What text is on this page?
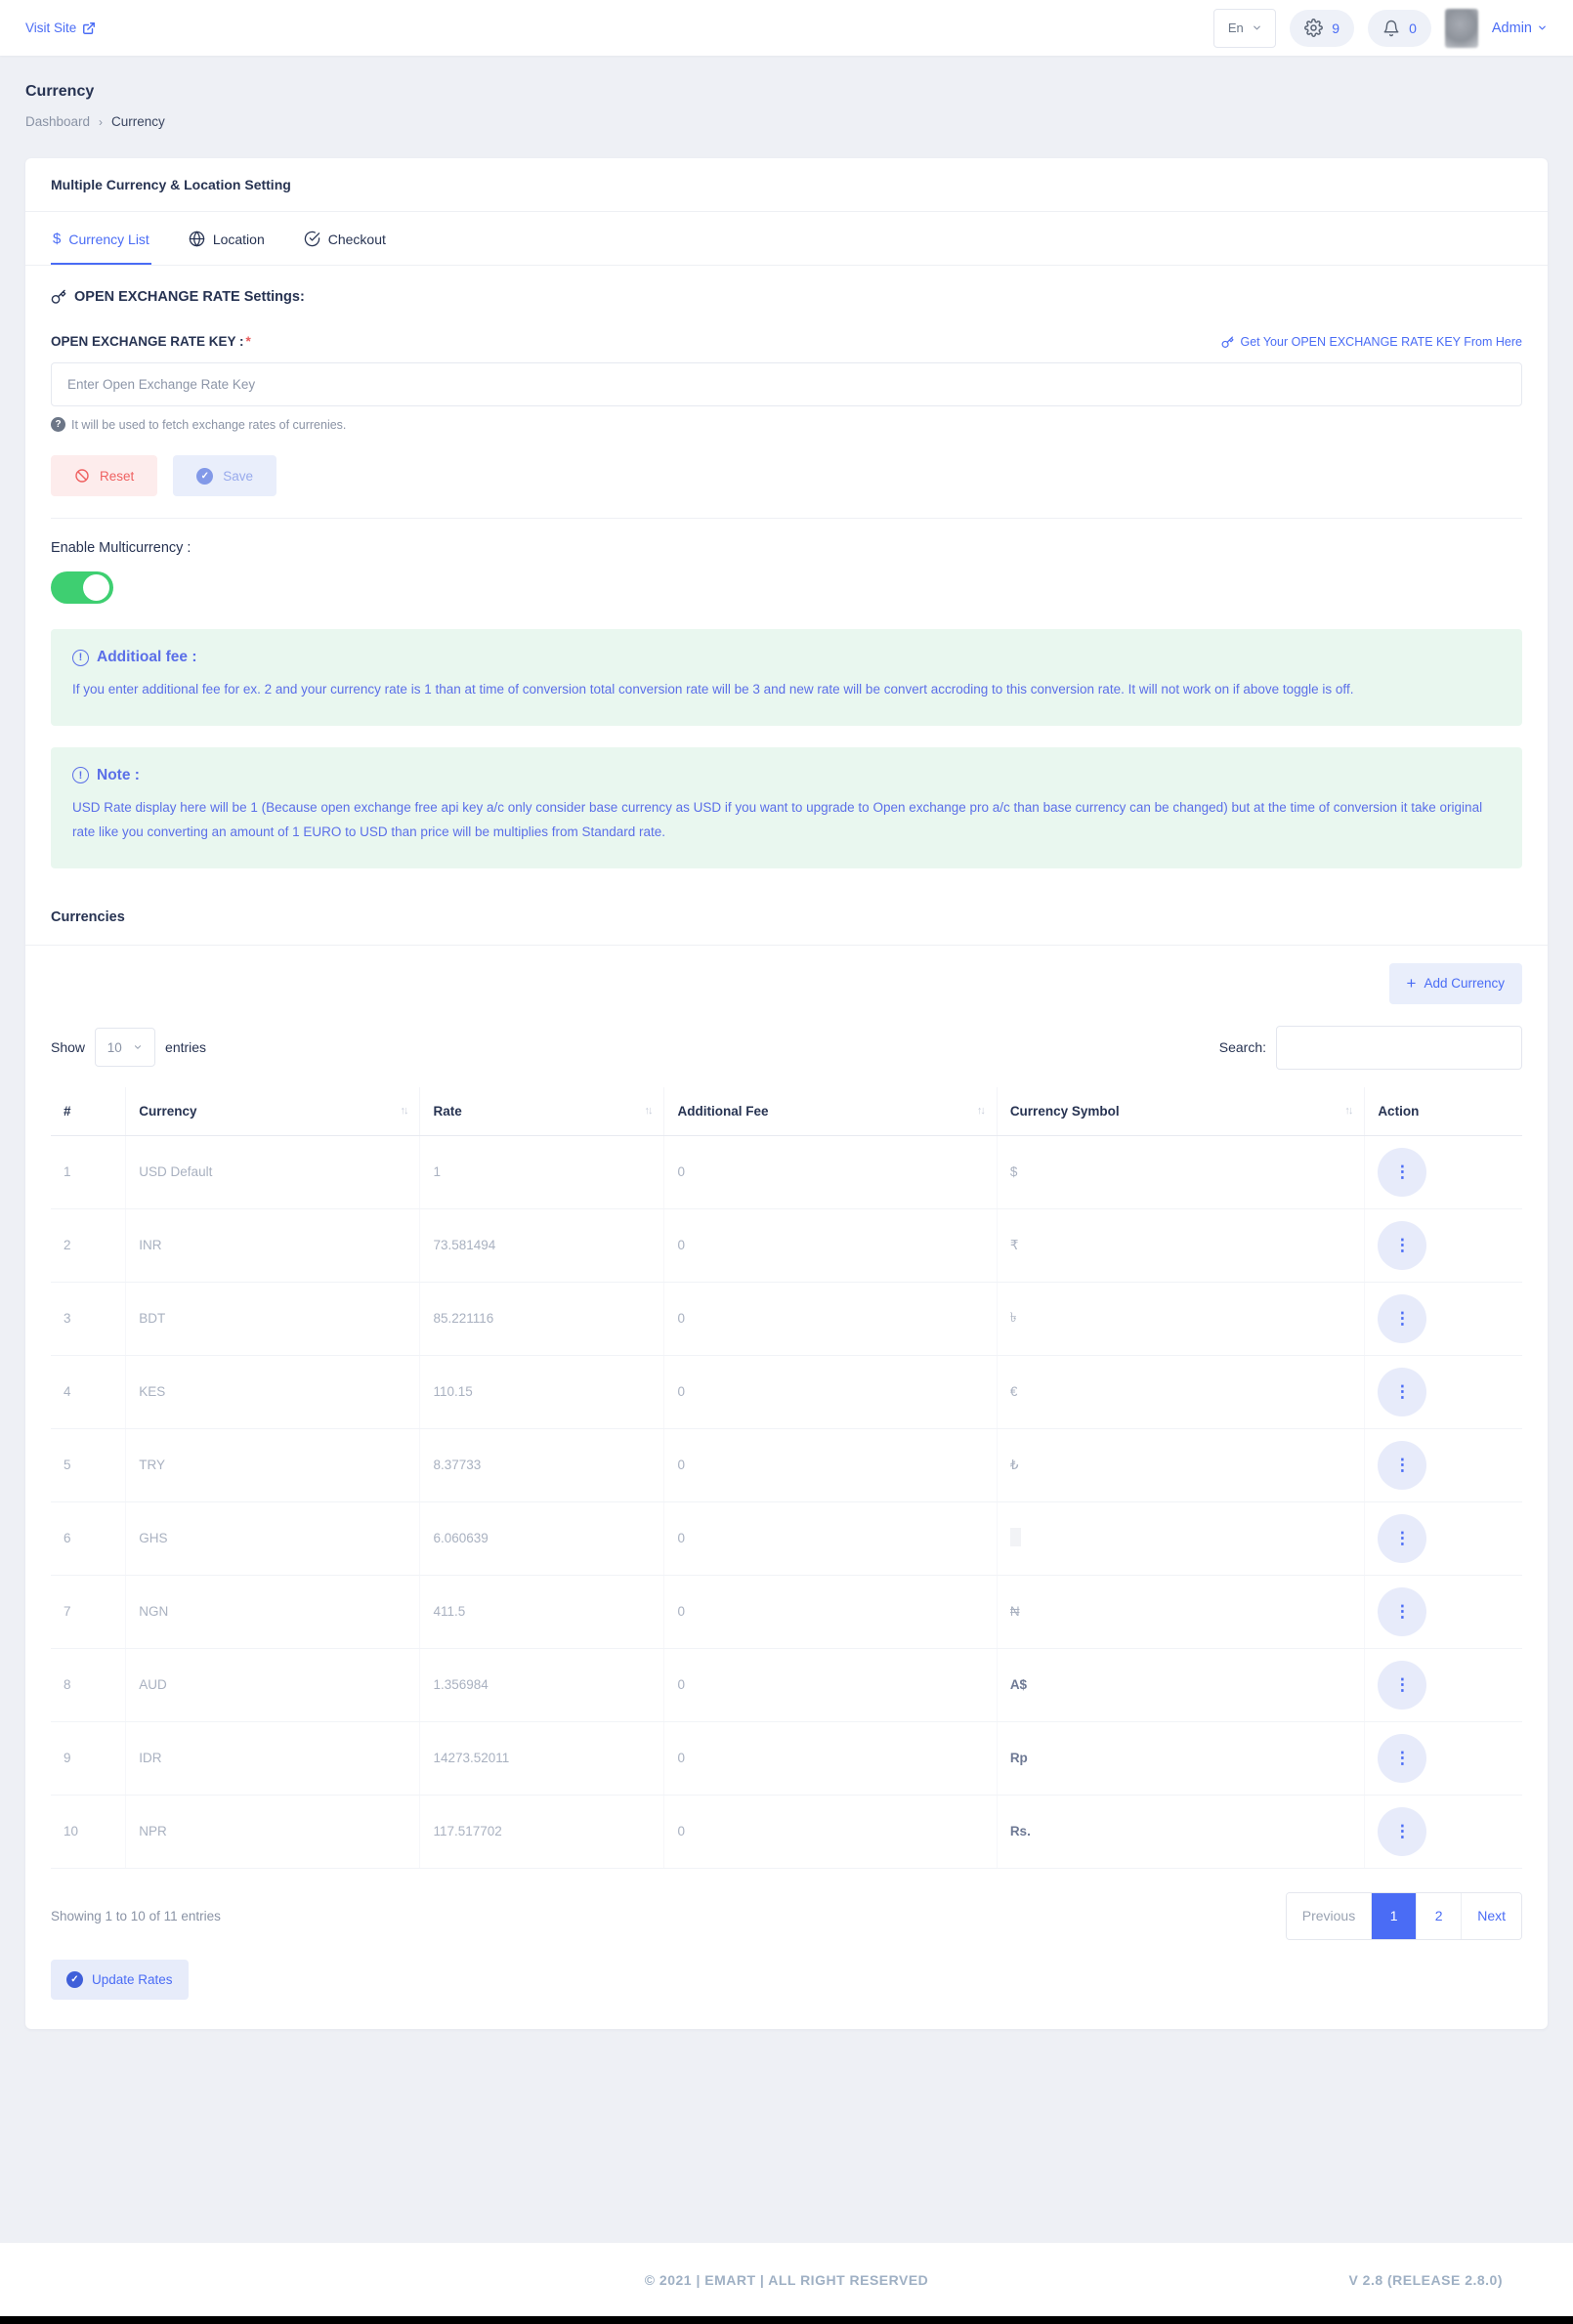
Visit Site	En	9	0	Admin
Currency
Dashboard › Currency
Multiple Currency & Location Setting
$ Currency List	Location	Checkout
OPEN EXCHANGE RATE Settings:
OPEN EXCHANGE RATE KEY : *	Get Your OPEN EXCHANGE RATE KEY From Here
Enter Open Exchange Rate Key
? It will be used to fetch exchange rates of currenies.
Reset	✓	Save
Enable Multicurrency :
! Additioal fee :
If you enter additional fee for ex. 2 and your currency rate is 1 than at time of conversion total conversion rate will be 3 and new rate will be convert accroding to this conversion rate. It will not work on if above toggle is off.
! Note :
USD Rate display here will be 1 (Because open exchange free api key a/c only consider base currency as USD if you want to upgrade to Open exchange pro a/c than base currency can be changed) but at the time of conversion it take original rate like you converting an amount of 1 EURO to USD than price will be multiplies from Standard rate.
Currencies
+ Add Currency
Show 10	entries	Search:
#	Currency ↑↓	Rate ↑↓	Additional Fee ↑↓	Currency Symbol ↑↓	Action

1	USD Default	1	0	$	⋮

2	INR	73.581494	0	₹	⋮

3	BDT	85.221116	0	৳	⋮

4	KES	110.15	0	€	⋮

5	TRY	8.37733	0	₺	⋮

6	GHS	6.060639	0		⋮

7	NGN	411.5	0	₦	⋮

8	AUD	1.356984	0	A$	⋮

9	IDR	14273.52011	0	Rp	⋮

10	NPR	117.517702	0	Rs.	⋮
Showing 1 to 10 of 11 entries	Previous	1	2	Next
✓ Update Rates
© 2021 | EMART | ALL RIGHT RESERVED	V 2.8 (RELEASE 2.8.0)
